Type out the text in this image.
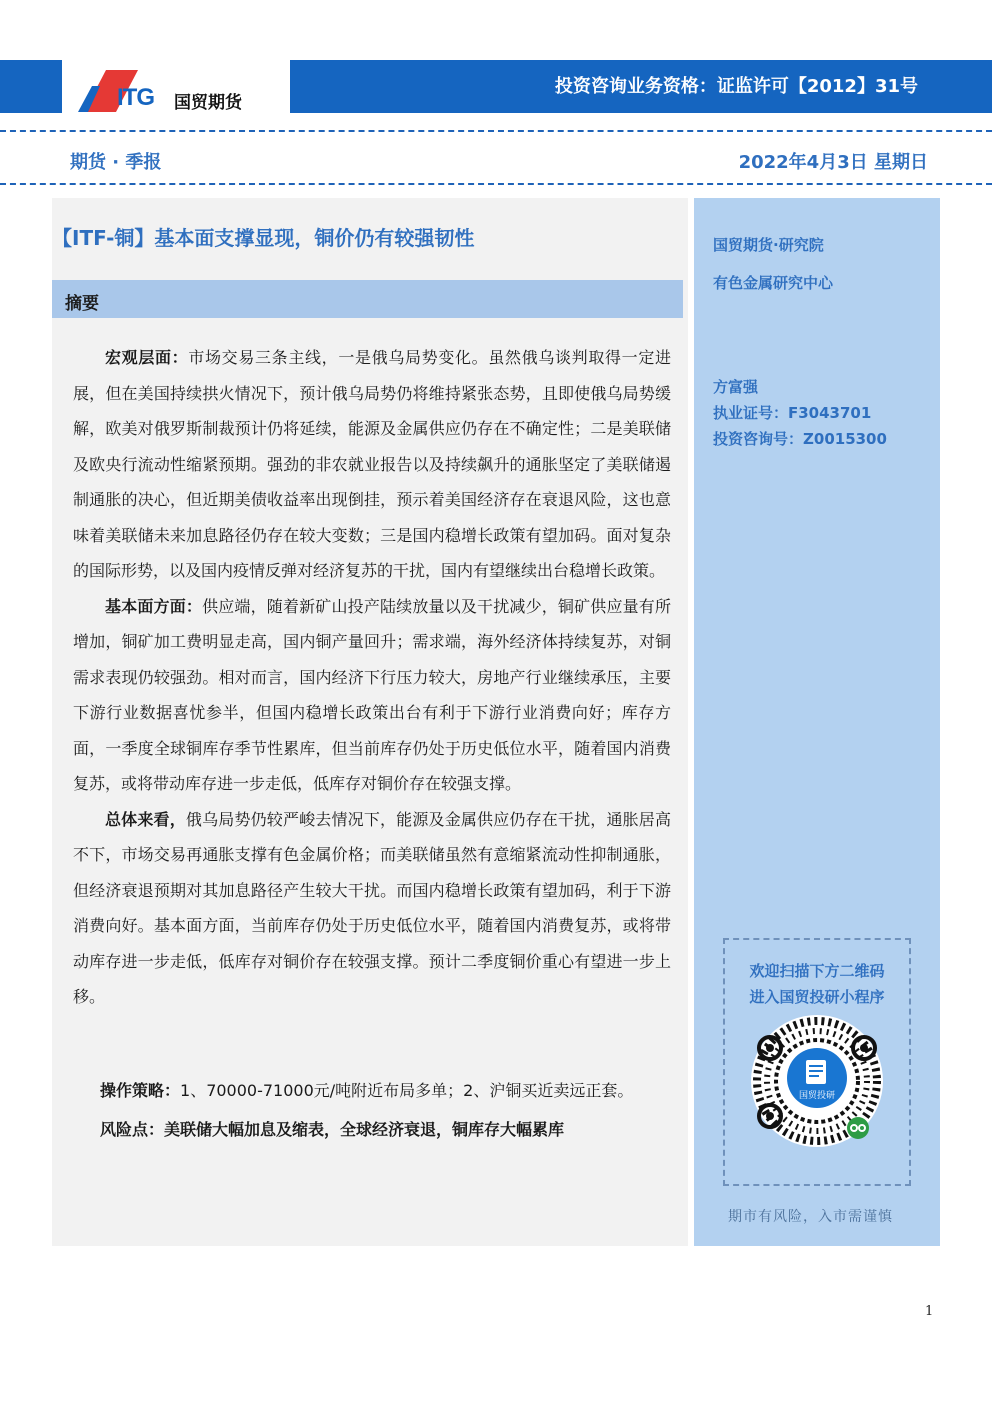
ITG 国贸期货
投资咨询业务资格：证监许可【2012】31号
期货 · 季报	2022年4月3日 星期日
【ITF-铜】基本面支撑显现，铜价仍有较强韧性
摘要

宏观层面：市场交易三条主线，一是俄乌局势变化。虽然俄乌谈判取得一定进展，但在美国持续拱火情况下，预计俄乌局势仍将维持紧张态势，且即使俄乌局势缓解，欧美对俄罗斯制裁预计仍将延续，能源及金属供应仍存在不确定性；二是美联储及欧央行流动性缩紧预期。强劲的非农就业报告以及持续飙升的通胀坚定了美联储遏制通胀的决心，但近期美债收益率出现倒挂，预示着美国经济存在衰退风险，这也意味着美联储未来加息路径仍存在较大变数；三是国内稳增长政策有望加码。面对复杂的国际形势，以及国内疫情反弹对经济复苏的干扰，国内有望继续出台稳增长政策。

基本面方面：供应端，随着新矿山投产陆续放量以及干扰减少，铜矿供应量有所增加，铜矿加工费明显走高，国内铜产量回升；需求端，海外经济体持续复苏，对铜需求表现仍较强劲。相对而言，国内经济下行压力较大，房地产行业继续承压，主要下游行业数据喜忧参半，但国内稳增长政策出台有利于下游行业消费向好；库存方面，一季度全球铜库存季节性累库，但当前库存仍处于历史低位水平，随着国内消费复苏，或将带动库存进一步走低，低库存对铜价存在较强支撑。

总体来看，俄乌局势仍较严峻去情况下，能源及金属供应仍存在干扰，通胀居高不下，市场交易再通胀支撑有色金属价格；而美联储虽然有意缩紧流动性抑制通胀，但经济衰退预期对其加息路径产生较大干扰。而国内稳增长政策有望加码，利于下游消费向好。基本面方面，当前库存仍处于历史低位水平，随着国内消费复苏，或将带动库存进一步走低，低库存对铜价存在较强支撑。预计二季度铜价重心有望进一步上移。

操作策略：1、70000-71000元/吨附近布局多单；2、沪铜买近卖远正套。
风险点：美联储大幅加息及缩表，全球经济衰退，铜库存大幅累库
国贸期货·研究院
有色金属研究中心
方富强
执业证号：F3043701
投资咨询号：Z0015300
欢迎扫描下方二维码
进入国贸投研小程序
国贸投研
期市有风险，入市需谨慎
1
